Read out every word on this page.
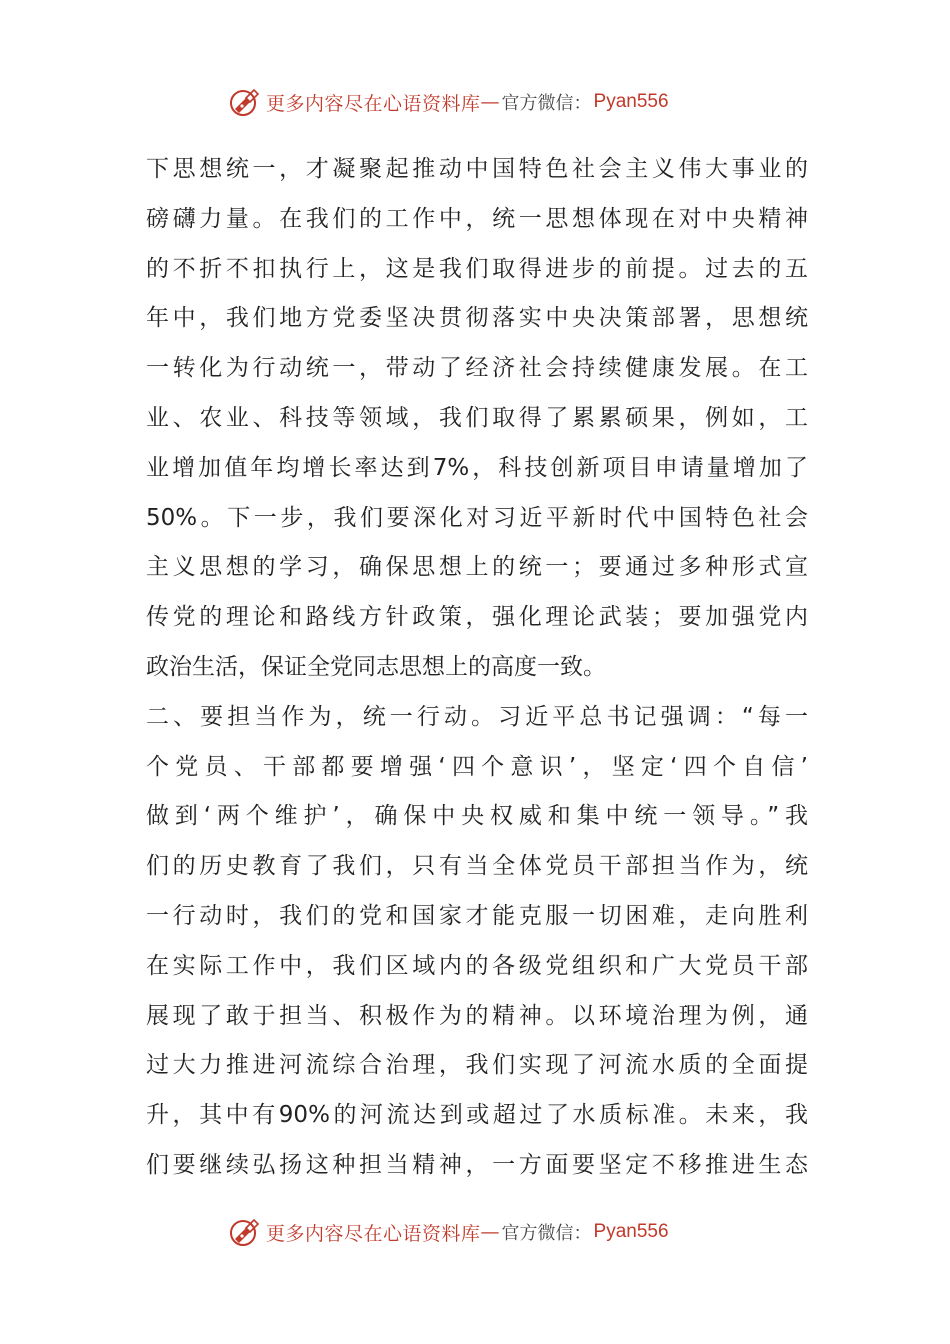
更多内容尽在心语资料库 — 官方微信： Pyan556
下思想统一，才凝聚起推动中国特色社会主义伟大事业的
磅礴力量。在我们的工作中，统一思想体现在对中央精神
的不折不扣执行上，这是我们取得进步的前提。过去的五
年中，我们地方党委坚决贯彻落实中央决策部署，思想统
一转化为行动统一，带动了经济社会持续健康发展。在工
业、农业、科技等领域，我们取得了累累硕果，例如，工
业增加值年均增长率达到7%，科技创新项目申请量增加了
50%。下一步，我们要深化对习近平新时代中国特色社会
主义思想的学习，确保思想上的统一；要通过多种形式宣
传党的理论和路线方针政策，强化理论武装；要加强党内
政治生活，保证全党同志思想上的高度一致。
二、要担当作为，统一行动。习近平总书记强调：“每一
个党员、干部都要增强‘四个意识’，坚定‘四个自信’
做到‘两个维护’，确保中央权威和集中统一领导。”我
们的历史教育了我们，只有当全体党员干部担当作为，统
一行动时，我们的党和国家才能克服一切困难，走向胜利
在实际工作中，我们区域内的各级党组织和广大党员干部
展现了敢于担当、积极作为的精神。以环境治理为例，通
过大力推进河流综合治理，我们实现了河流水质的全面提
升，其中有90%的河流达到或超过了水质标准。未来，我
们要继续弘扬这种担当精神，一方面要坚定不移推进生态
更多内容尽在心语资料库 — 官方微信： Pyan556
